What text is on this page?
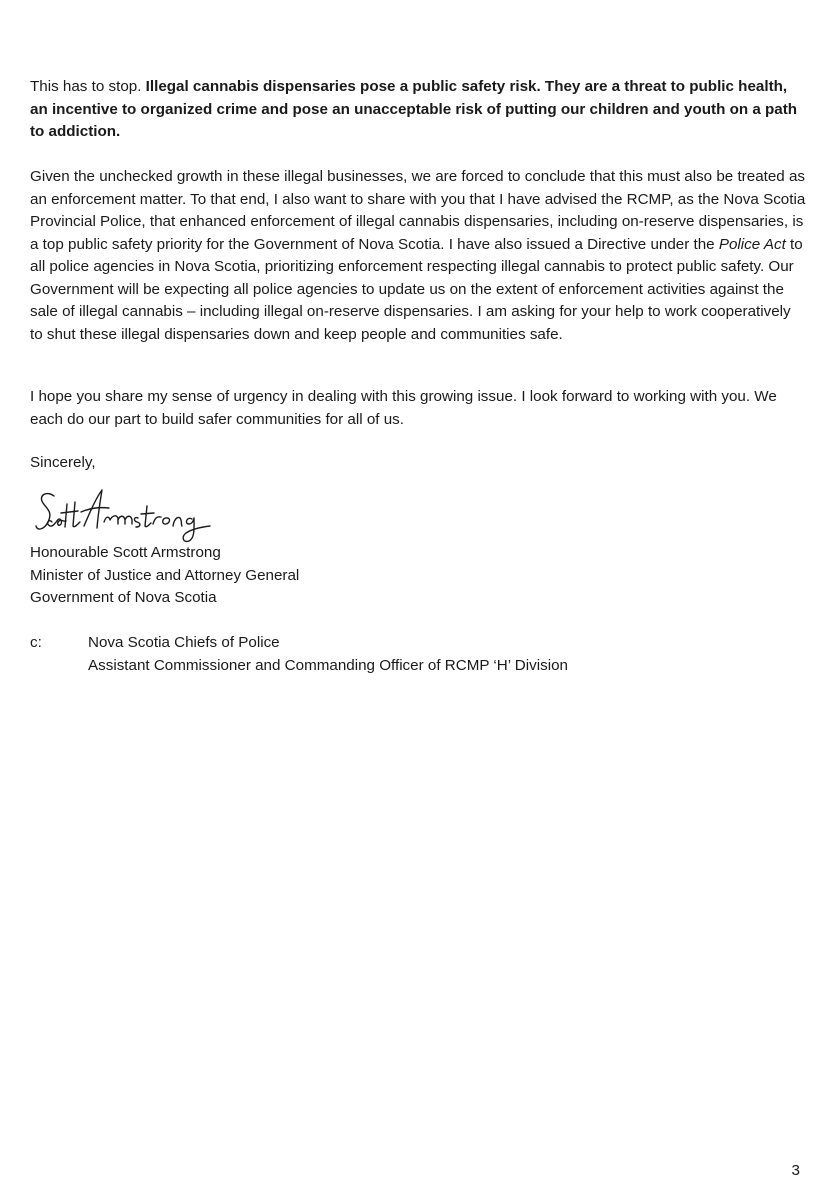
This has to stop. Illegal cannabis dispensaries pose a public safety risk. They are a threat to public health, an incentive to organized crime and pose an unacceptable risk of putting our children and youth on a path to addiction.

Given the unchecked growth in these illegal businesses, we are forced to conclude that this must also be treated as an enforcement matter. To that end, I also want to share with you that I have advised the RCMP, as the Nova Scotia Provincial Police, that enhanced enforcement of illegal cannabis dispensaries, including on-reserve dispensaries, is a top public safety priority for the Government of Nova Scotia. I have also issued a Directive under the Police Act to all police agencies in Nova Scotia, prioritizing enforcement respecting illegal cannabis to protect public safety. Our Government will be expecting all police agencies to update us on the extent of enforcement activities against the sale of illegal cannabis – including illegal on-reserve dispensaries. I am asking for your help to work cooperatively to shut these illegal dispensaries down and keep people and communities safe.

I hope you share my sense of urgency in dealing with this growing issue. I look forward to working with you. We each do our part to build safer communities for all of us.

Sincerely,

Honourable Scott Armstrong
Minister of Justice and Attorney General
Government of Nova Scotia
c:	Nova Scotia Chiefs of Police
Assistant Commissioner and Commanding Officer of RCMP ‘H’ Division
3
